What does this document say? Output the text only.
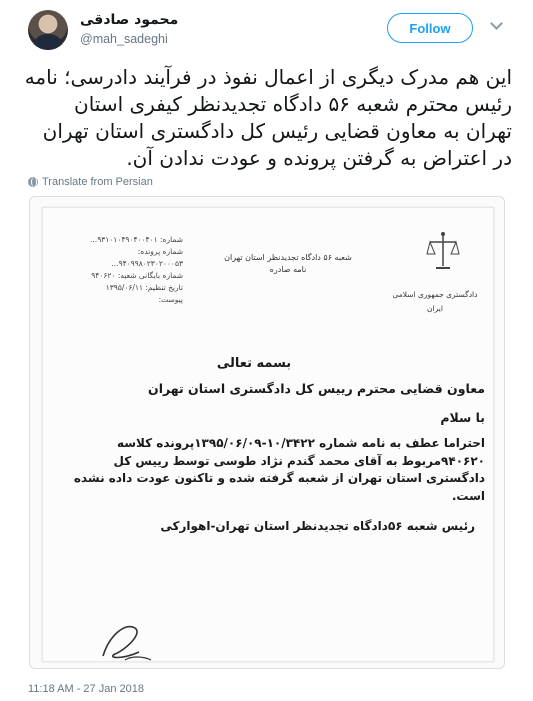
محمود صادقی
@mah_sadeghi
Follow
این هم مدرک دیگری از اعمال نفوذ در فرآیند دادرسی؛ نامه رئیس محترم شعبه ۵۶ دادگاه تجدیدنظر کیفری استان تهران به معاون قضایی رئیس کل دادگستری استان تهران در اعتراض به گرفتن پرونده و عودت ندادن آن.
Translate from Persian
شماره: ۹۳۱۰۱۰۴۹۰۴۰۰۴۰۱...
شماره پرونده: ۹۴۰۹۹۸۰۲۳۰۲۰۰۰۵۳...
شماره بایگانی شعبه: ۹۴۰۶۲۰
تاریخ تنظیم: ۱۳۹۵/۰۶/۱۱
پیوست:
شعبه ۵۶ دادگاه تجدیدنظر استان تهران
نامه صادره
دادگستری جمهوری اسلامی
ایران
بسمه تعالی
معاون قضایی محترم رییس کل دادگستری استان تهران
با سلام
احتراما عطف به نامه شماره ۱۰/۳۴۲۲-۱۳۹۵/۰۶/۰۹پرونده کلاسه ۹۴۰۶۲۰مربوط به آقای محمد گندم نژاد طوسی توسط رییس کل دادگستری استان تهران از شعبه گرفته شده و تاکنون عودت داده نشده است.
رئیس شعبه ۵۶دادگاه تجدیدنظر استان تهران-اهوارکی
11:18 AM - 27 Jan 2018
